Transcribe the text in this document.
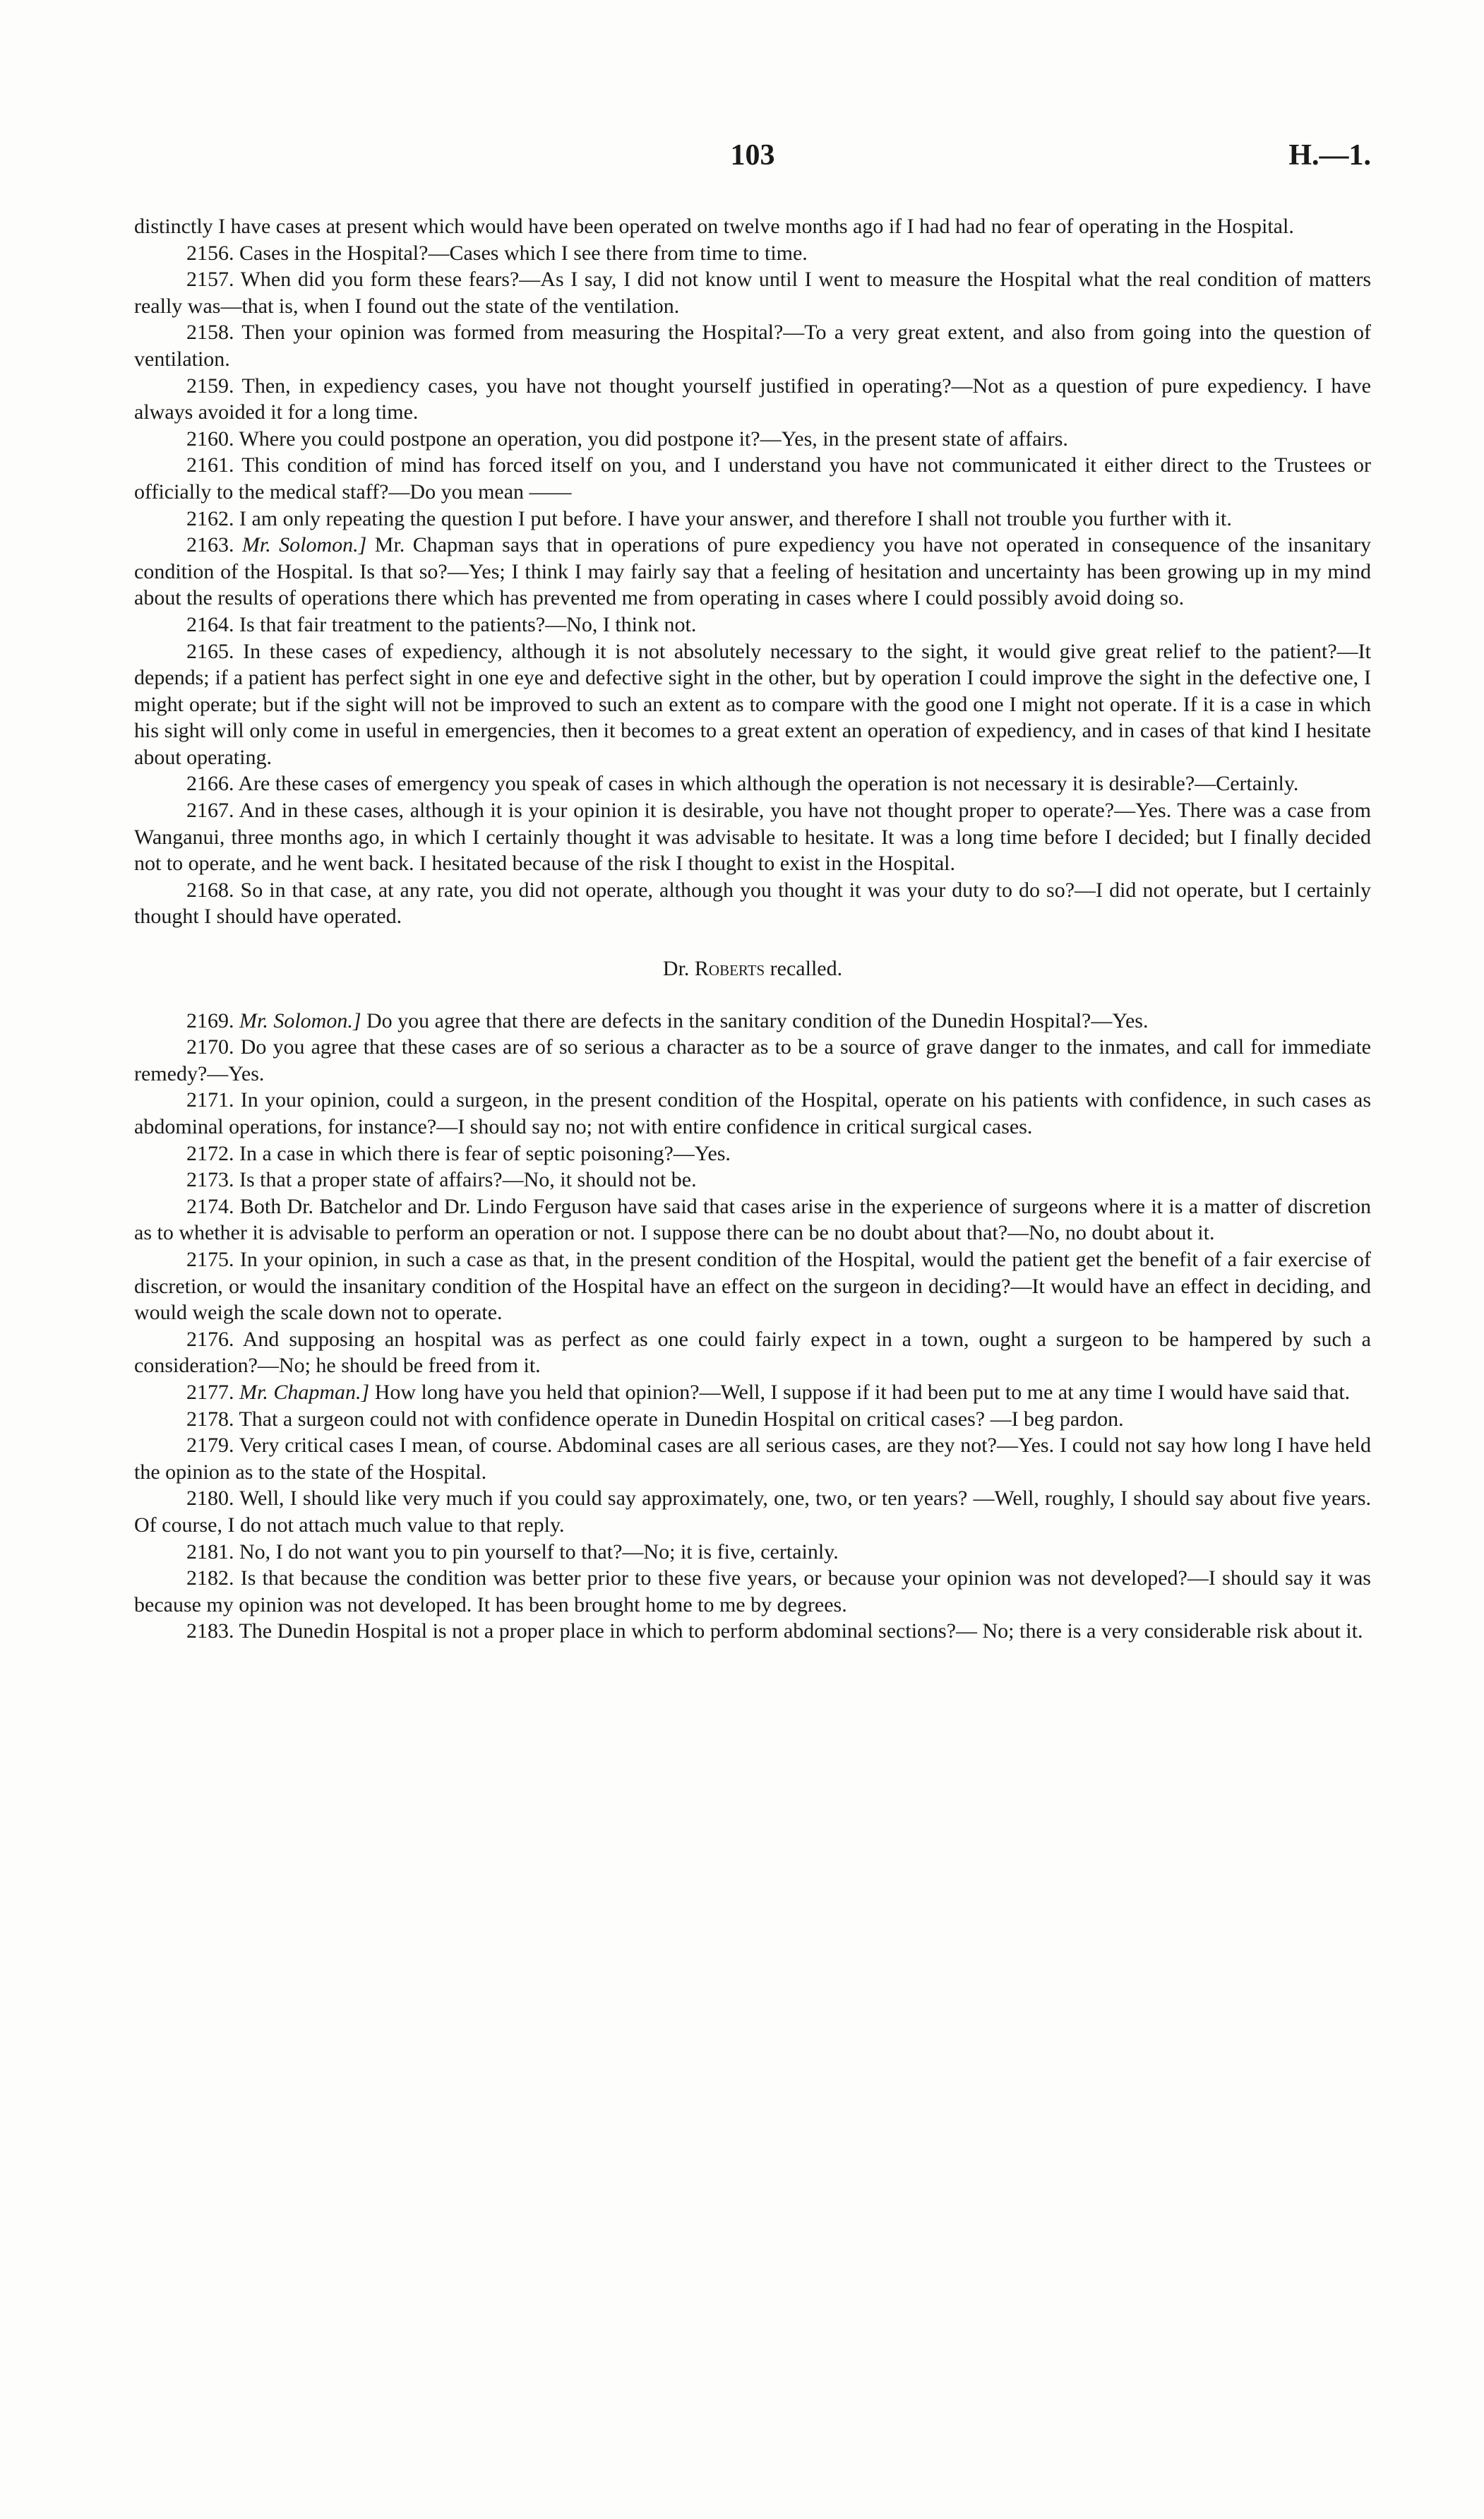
103	H.—1.

distinctly I have cases at present which would have been operated on twelve months ago if I had had no fear of operating in the Hospital.

2156. Cases in the Hospital?—Cases which I see there from time to time.

2157. When did you form these fears?—As I say, I did not know until I went to measure the Hospital what the real condition of matters really was—that is, when I found out the state of the ventilation.

2158. Then your opinion was formed from measuring the Hospital?—To a very great extent, and also from going into the question of ventilation.

2159. Then, in expediency cases, you have not thought yourself justified in operating?—Not as a question of pure expediency. I have always avoided it for a long time.

2160. Where you could postpone an operation, you did postpone it?—Yes, in the present state of affairs.

2161. This condition of mind has forced itself on you, and I understand you have not communicated it either direct to the Trustees or officially to the medical staff?—Do you mean ——

2162. I am only repeating the question I put before. I have your answer, and therefore I shall not trouble you further with it.

2163. Mr. Solomon.] Mr. Chapman says that in operations of pure expediency you have not operated in consequence of the insanitary condition of the Hospital. Is that so?—Yes; I think I may fairly say that a feeling of hesitation and uncertainty has been growing up in my mind about the results of operations there which has prevented me from operating in cases where I could possibly avoid doing so.

2164. Is that fair treatment to the patients?—No, I think not.

2165. In these cases of expediency, although it is not absolutely necessary to the sight, it would give great relief to the patient?—It depends; if a patient has perfect sight in one eye and defective sight in the other, but by operation I could improve the sight in the defective one, I might operate; but if the sight will not be improved to such an extent as to compare with the good one I might not operate. If it is a case in which his sight will only come in useful in emergencies, then it becomes to a great extent an operation of expediency, and in cases of that kind I hesitate about operating.

2166. Are these cases of emergency you speak of cases in which although the operation is not necessary it is desirable?—Certainly.

2167. And in these cases, although it is your opinion it is desirable, you have not thought proper to operate?—Yes. There was a case from Wanganui, three months ago, in which I certainly thought it was advisable to hesitate. It was a long time before I decided; but I finally decided not to operate, and he went back. I hesitated because of the risk I thought to exist in the Hospital.

2168. So in that case, at any rate, you did not operate, although you thought it was your duty to do so?—I did not operate, but I certainly thought I should have operated.

Dr. Roberts recalled.

2169. Mr. Solomon.] Do you agree that there are defects in the sanitary condition of the Dunedin Hospital?—Yes.

2170. Do you agree that these cases are of so serious a character as to be a source of grave danger to the inmates, and call for immediate remedy?—Yes.

2171. In your opinion, could a surgeon, in the present condition of the Hospital, operate on his patients with confidence, in such cases as abdominal operations, for instance?—I should say no; not with entire confidence in critical surgical cases.

2172. In a case in which there is fear of septic poisoning?—Yes.

2173. Is that a proper state of affairs?—No, it should not be.

2174. Both Dr. Batchelor and Dr. Lindo Ferguson have said that cases arise in the experience of surgeons where it is a matter of discretion as to whether it is advisable to perform an operation or not. I suppose there can be no doubt about that?—No, no doubt about it.

2175. In your opinion, in such a case as that, in the present condition of the Hospital, would the patient get the benefit of a fair exercise of discretion, or would the insanitary condition of the Hospital have an effect on the surgeon in deciding?—It would have an effect in deciding, and would weigh the scale down not to operate.

2176. And supposing an hospital was as perfect as one could fairly expect in a town, ought a surgeon to be hampered by such a consideration?—No; he should be freed from it.

2177. Mr. Chapman.] How long have you held that opinion?—Well, I suppose if it had been put to me at any time I would have said that.

2178. That a surgeon could not with confidence operate in Dunedin Hospital on critical cases? —I beg pardon.

2179. Very critical cases I mean, of course. Abdominal cases are all serious cases, are they not?—Yes. I could not say how long I have held the opinion as to the state of the Hospital.

2180. Well, I should like very much if you could say approximately, one, two, or ten years? —Well, roughly, I should say about five years. Of course, I do not attach much value to that reply.

2181. No, I do not want you to pin yourself to that?—No; it is five, certainly.

2182. Is that because the condition was better prior to these five years, or because your opinion was not developed?—I should say it was because my opinion was not developed. It has been brought home to me by degrees.

2183. The Dunedin Hospital is not a proper place in which to perform abdominal sections?— No; there is a very considerable risk about it.
